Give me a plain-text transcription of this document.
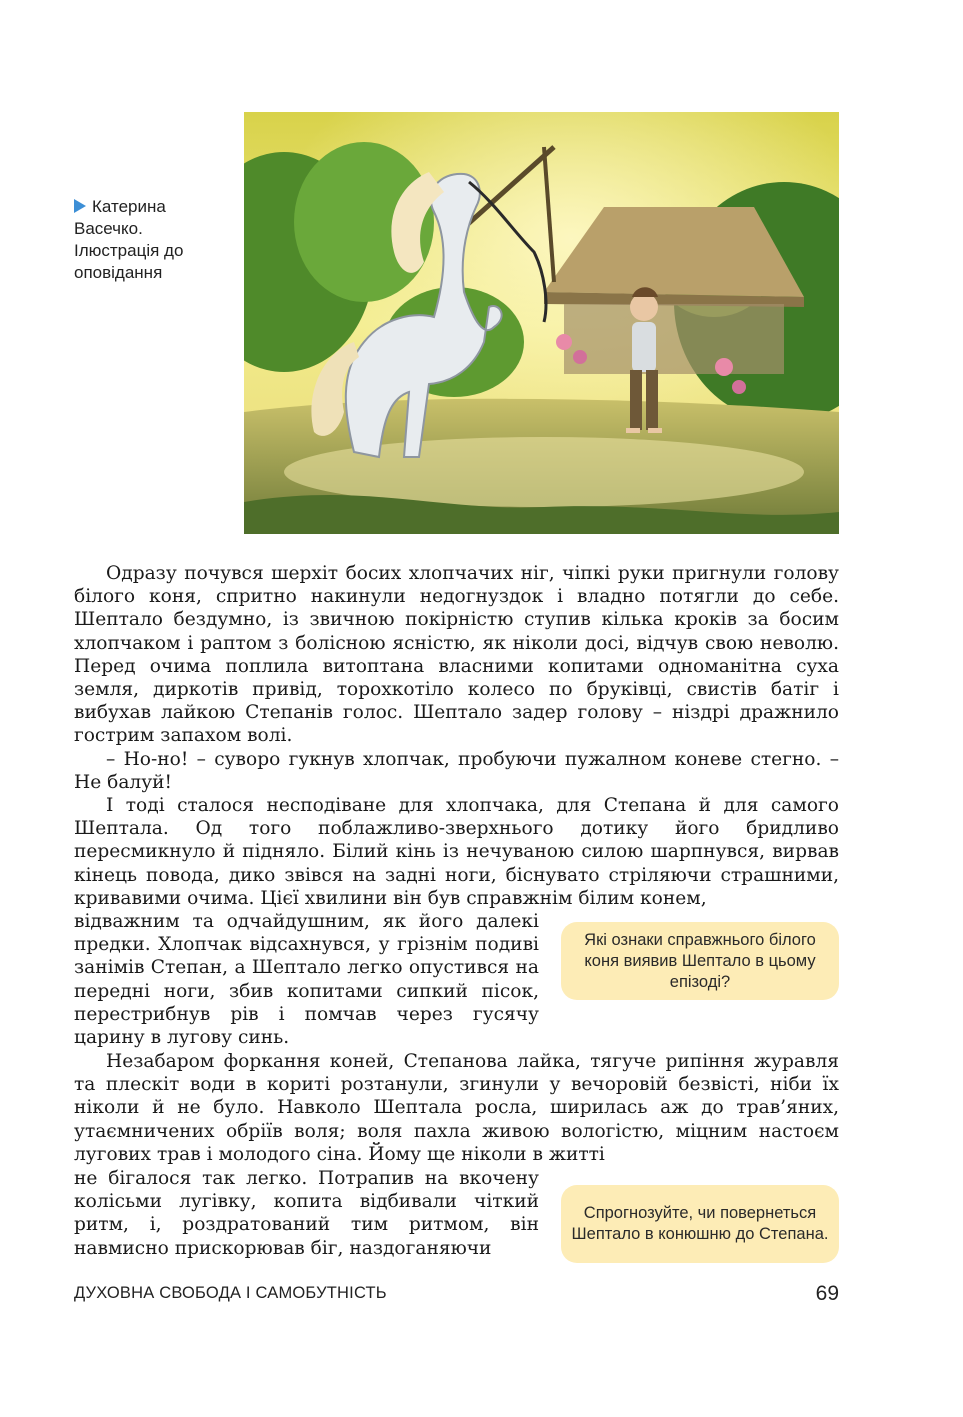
Катерина
Васечко.
Ілюстрація до
оповідання

Одразу почувся шерхіт босих хлопчачих ніг, чіпкі руки пригнули голову білого коня, спритно накинули недогнуздок і владно потягли до себе. Шептало бездумно, із звичною покірністю ступив кілька кроків за босим хлопчаком і раптом з болісною ясністю, як ніколи досі, відчув свою неволю. Перед очима поплила витоптана власними копитами одноманітна суха земля, диркотів привід, торохкотіло колесо по бруківці, свистів батіг і вибухав лайкою Степанів голос. Шептало задер голову – ніздрі дражнило гострим запахом волі.

– Но-но! – суворо гукнув хлопчак, пробуючи пужалном коневе стегно. – Не балуй!

І тоді сталося несподіване для хлопчака, для Степана й для самого Шептала. Од того поблажливо-зверхнього дотику його бридливо пересмикнуло й підняло. Білий кінь із нечуваною силою шарпнувся, вирвав кінець повода, дико звівся на задні ноги, біснувато стріляючи страшними, кривавими очима. Цієї хвилини він був справжнім білим конем,

відважним та одчайдушним, як його далекі предки. Хлопчак відсахнувся, у грізнім подиві занімів Степан, а Шептало легко опустився на передні ноги, збив копитами сипкий пісок, перестрибнув рів і помчав через гусячу царину в лугову синь.

Які ознаки справжнього білого коня виявив Шептало в цьому епізоді?

Незабаром форкання коней, Степанова лайка, тягуче рипіння журавля та плескіт води в кориті розтанули, згинули у вечоровій безвісті, ніби їх ніколи й не було. Навколо Шептала росла, ширилась аж до трав’яних, утаємничених обріїв воля; воля пахла живою вологістю, міцним настоєм лугових трав і молодого сіна. Йому ще ніколи в житті

не бігалося так легко. Потрапив на вкочену колісьми лугівку, копита відбивали чіткий ритм, і, роздратований тим ритмом, він навмисно прискорював біг, наздоганяючи

Спрогнозуйте, чи повернеться Шептало в конюшню до Степана.
ДУХОВНА СВОБОДА І САМОБУТНІСТЬ	69
